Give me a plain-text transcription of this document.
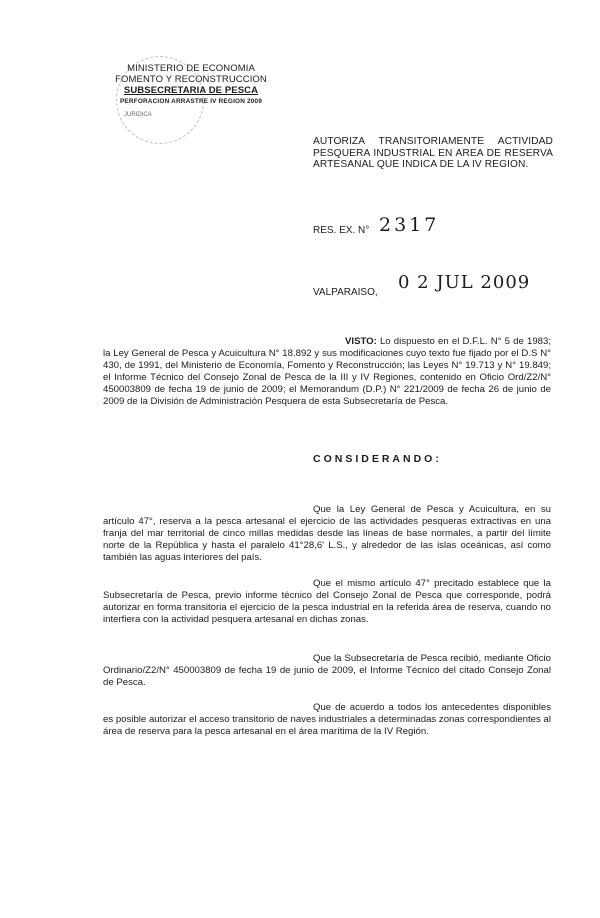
JURIDICA
MINISTERIO DE ECONOMIA
FOMENTO Y RECONSTRUCCION
SUBSECRETARIA DE PESCA
PERFORACION ARRASTRE IV REGION 2009
AUTORIZA TRANSITORIAMENTE ACTIVIDAD PESQUERA INDUSTRIAL EN AREA DE RESERVA ARTESANAL QUE INDICA DE LA IV REGION.
RES. EX. N° 2317
VALPARAISO, 0 2 JUL 2009
VISTO: Lo dispuesto en el D.F.L. N° 5 de 1983; la Ley General de Pesca y Acuicultura N° 18.892 y sus modificaciones cuyo texto fue fijado por el D.S N° 430, de 1991, del Ministerio de Economía, Fomento y Reconstrucción; las Leyes N° 19.713 y N° 19.849; el Informe Técnico del Consejo Zonal de Pesca de la III y IV Regiones, contenido en Oficio Ord/Z2/N° 450003809 de fecha 19 de junio de 2009; el Memorandum (D.P.) N° 221/2009 de fecha 26 de junio de 2009 de la División de Administración Pesquera de esta Subsecretaría de Pesca.
CONSIDERANDO:
Que la Ley General de Pesca y Acuicultura, en su artículo 47°, reserva a la pesca artesanal el ejercicio de las actividades pesqueras extractivas en una franja del mar territorial de cinco millas medidas desde las líneas de base normales, a partir del límite norte de la República y hasta el paralelo 41°28,6' L.S., y alrededor de las islas oceánicas, así como también las aguas interiores del país.
Que el mismo artículo 47° precitado establece que la Subsecretaría de Pesca, previo informe técnico del Consejo Zonal de Pesca que corresponde, podrá autorizar en forma transitoria el ejercicio de la pesca industrial en la referida área de reserva, cuando no interfiera con la actividad pesquera artesanal en dichas zonas.
Que la Subsecretaría de Pesca recibió, mediante Oficio Ordinario/Z2/N° 450003809 de fecha 19 de junio de 2009, el Informe Técnico del citado Consejo Zonal de Pesca.
Que de acuerdo a todos los antecedentes disponibles es posible autorizar el acceso transitorio de naves industriales a determinadas zonas correspondientes al área de reserva para la pesca artesanal en el área marítima de la IV Región.
